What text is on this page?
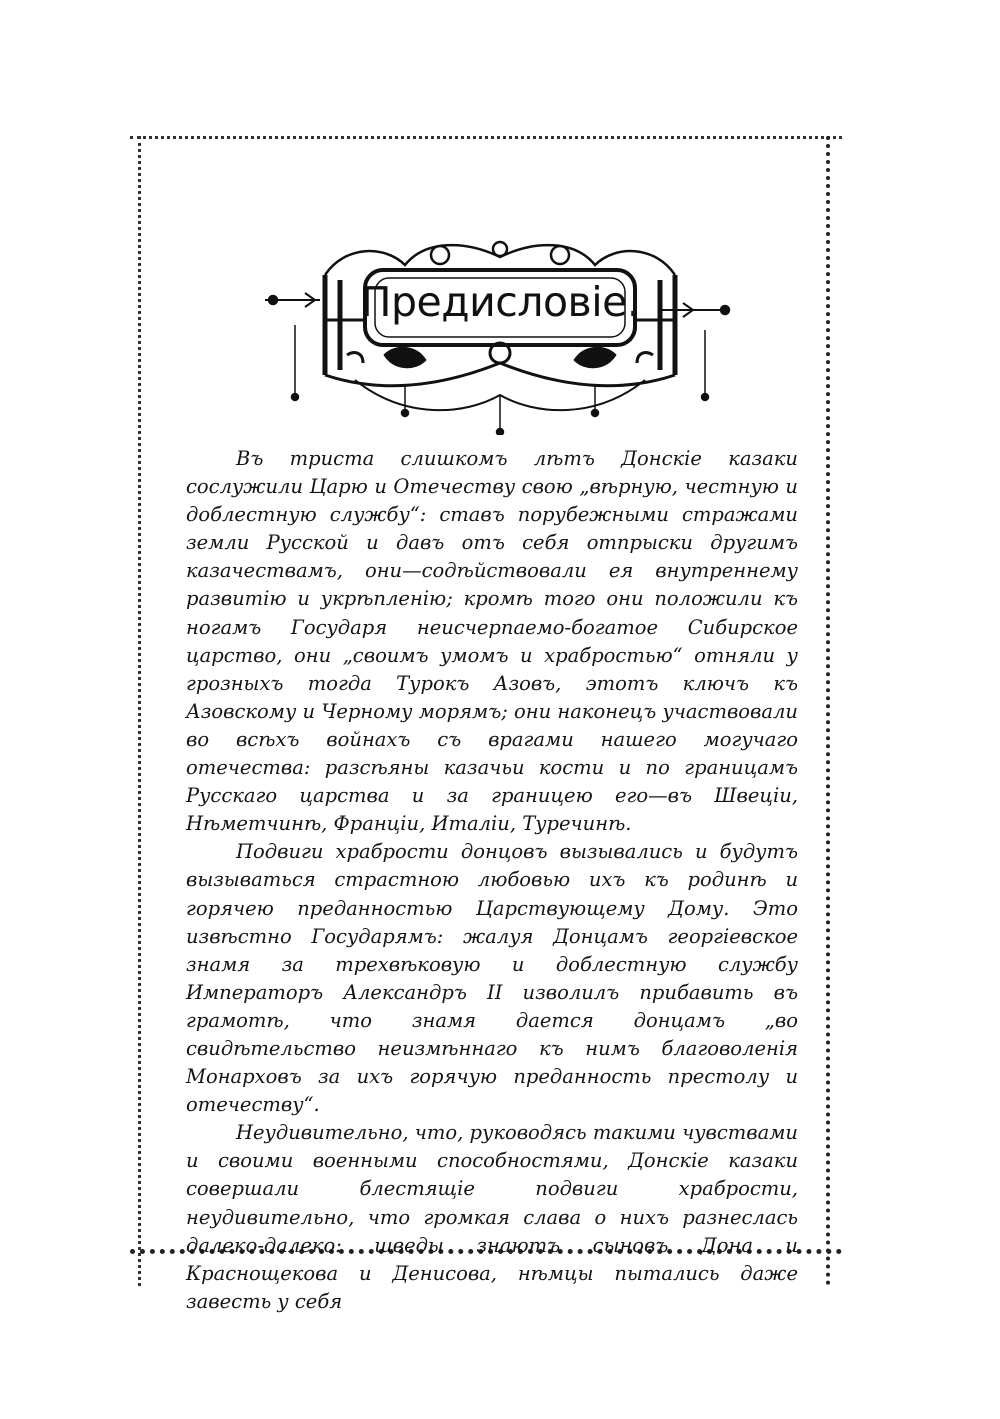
Предисловie.

Въ триста слишкомъ лѣтъ Донскiе казаки сослужили Царю и Отечеству свою „вѣрную, честную и доблестную службу“: ставъ порубежными стражами земли Русской и давъ отъ себя отпрыски другимъ казачествамъ, они—содѣйствовали ея внутреннему развитiю и укрѣпленiю; кромѣ того они положили къ ногамъ Государя неисчерпаемо-богатое Сибирское царство, они „своимъ умомъ и храбростью“ отняли у грозныхъ тогда Турокъ Азовъ, этотъ ключъ къ Азовскому и Черному морямъ; они наконецъ участвовали во всѣхъ войнахъ съ врагами нашего могучаго отечества: разсѣяны казачьи кости и по границамъ Русскаго царства и за границею его—въ Швецiи, Нѣметчинѣ, Францiи, Италiи, Туречинѣ.

Подвиги храбрости донцовъ вызывались и будутъ вызываться страстною любовью ихъ къ родинѣ и горячею преданностью Царствующему Дому. Это извѣстно Государямъ: жалуя Донцамъ георгiевское знамя за трехвѣковую и доблестную службу Императоръ Александръ II изволилъ прибавить въ грамотѣ, что знамя дается донцамъ „во свидѣтельство неизмѣннаго къ нимъ благоволенiя Монарховъ за ихъ горячую преданность престолу и отечеству“.

Неудивительно, что, руководясь такими чувствами и своими военными способностями, Донскiе казаки совершали блестящiе подвиги храбрости, неудивительно, что громкая слава о нихъ разнеслась далеко-далеко: шведы знаютъ сыновъ Дона и Краснощекова и Денисова, нѣмцы пытались даже завесть у себя
